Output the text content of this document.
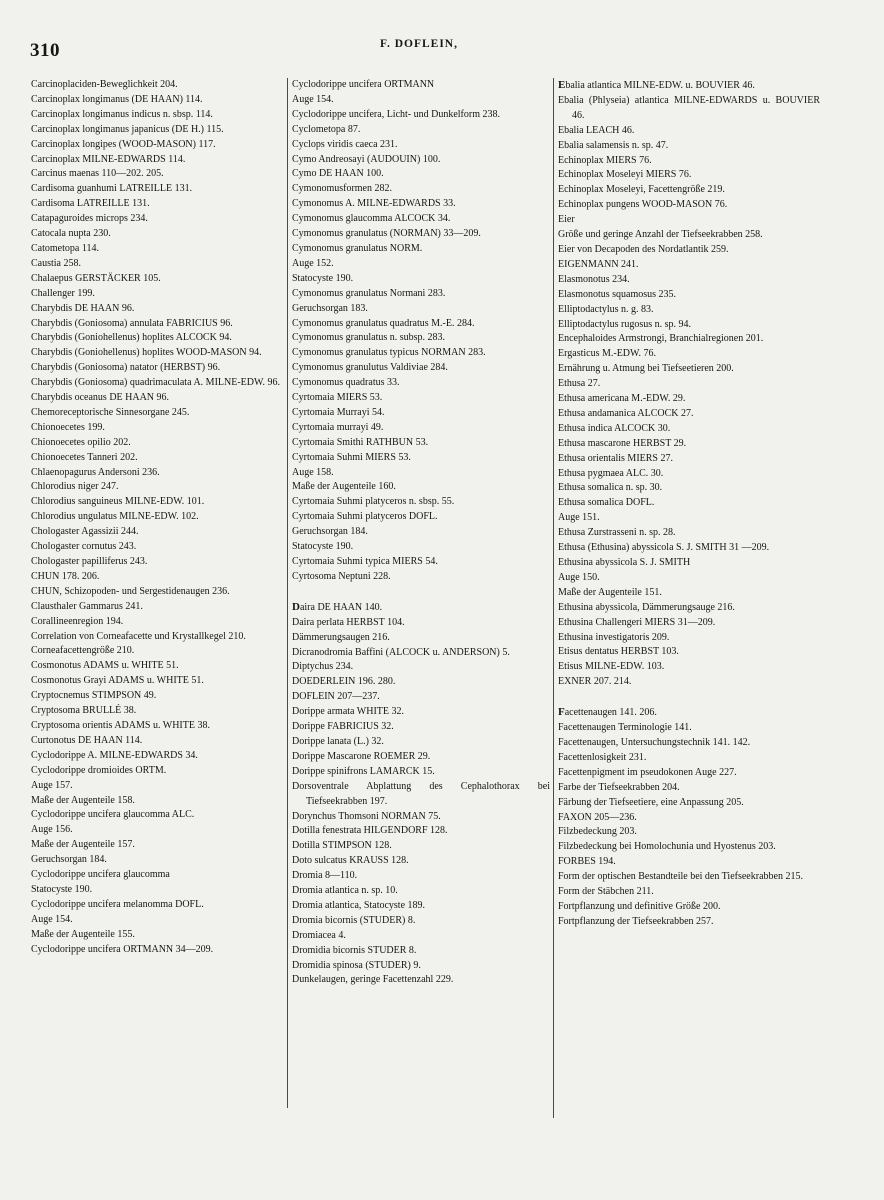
310	F. DOFLEIN,
Carcinoplaciden-Beweglichkeit 204.
Carcinoplax longimanus (DE HAAN) 114.
Carcinoplax longimanus indicus n. sbsp. 114.
Carcinoplax longimanus japanicus (DE H.) 115.
Carcinoplax longipes (WOOD-MASON) 117.
Carcinoplax MILNE-EDWARDS 114.
Carcinus maenas 110—202. 205.
Cardisoma guanhumi LATREILLE 131.
Cardisoma LATREILLE 131.
Catapaguroides microps 234.
Catocala nupta 230.
Catometopa 114.
Caustia 258.
Chalaepus GERSTÄCKER 105.
Challenger 199.
Charybdis DE HAAN 96.
Charybdis (Goniosoma) annulata FABRICIUS 96.
Charybdis (Goniohellenus) hoplites ALCOCK 94.
Charybdis (Goniohellenus) hoplites WOOD-MASON 94.
Charybdis (Goniosoma) natator (HERBST) 96.
Charybdis (Goniosoma) quadrimaculata A. MILNE-EDW. 96.
Charybdis oceanus DE HAAN 96.
Chemoreceptorische Sinnesorgane 245.
Chionoecetes 199.
Chionoecetes opilio 202.
Chionoecetes Tanneri 202.
Chlaenopagurus Andersoni 236.
Chlorodius niger 247.
Chlorodius sanguineus MILNE-EDW. 101.
Chlorodius ungulatus MILNE-EDW. 102.
Chologaster Agassizii 244.
Chologaster cornutus 243.
Chologaster papilliferus 243.
CHUN 178. 206.
CHUN, Schizopoden- und Sergestidenaugen 236.
Clausthaler Gammarus 241.
Corallineenregion 194.
Correlation von Corneafacette und Krystallkegel 210.
Corneafacettengröße 210.
Cosmonotus ADAMS u. WHITE 51.
Cosmonotus Grayi ADAMS u. WHITE 51.
Cryptocnemus STIMPSON 49.
Cryptosoma BRULLÉ 38.
Cryptosoma orientis ADAMS u. WHITE 38.
Curtonotus DE HAAN 114.
Cyclodorippe A. MILNE-EDWARDS 34.
Cyclodorippe dromioides ORTM.
Auge 157.
Maße der Augenteile 158.
Cyclodorippe uncifera glaucomma ALC.
Auge 156.
Maße der Augenteile 157.
Geruchsorgan 184.
Cyclodorippe uncifera glaucomma
Statocyste 190.
Cyclodorippe uncifera melanomma DOFL.
Auge 154.
Maße der Augenteile 155.
Cyclodorippe uncifera ORTMANN 34—209.
Cyclodorippe uncifera ORTMANN
Auge 154.
Cyclodorippe uncifera, Licht- und Dunkelform 238.
Cyclometopa 87.
Cyclops viridis caeca 231.
Cymo Andreosayi (AUDOUIN) 100.
Cymo DE HAAN 100.
Cymonomusformen 282.
Cymonomus A. MILNE-EDWARDS 33.
Cymonomus glaucomma ALCOCK 34.
Cymonomus granulatus (NORMAN) 33—209.
Cymonomus granulatus NORM.
Auge 152.
Statocyste 190.
Cymonomus granulatus Normani 283.
Geruchsorgan 183.
Cymonomus granulatus quadratus M.-E. 284.
Cymonomus granulatus n. subsp. 283.
Cymonomus granulatus typicus NORMAN 283.
Cymonomus granulutus Valdiviae 284.
Cymonomus quadratus 33.
Cyrtomaia MIERS 53.
Cyrtomaia Murrayi 54.
Cyrtomaia murrayi 49.
Cyrtomaia Smithi RATHBUN 53.
Cyrtomaia Suhmi MIERS 53.
Auge 158.
Maße der Augenteile 160.
Cyrtomaia Suhmi platyceros n. sbsp. 55.
Cyrtomaia Suhmi platyceros DOFL.
Geruchsorgan 184.
Statocyste 190.
Cyrtomaia Suhmi typica MIERS 54.
Cyrtosoma Neptuni 228.
Daira DE HAAN 140.
Daira perlata HERBST 104.
Dämmerungsaugen 216.
Dicranodromia Baffini (ALCOCK u. ANDERSON) 5.
Diptychus 234.
DOEDERLEIN 196. 280.
DOFLEIN 207—237.
Dorippe armata WHITE 32.
Dorippe FABRICIUS 32.
Dorippe lanata (L.) 32.
Dorippe Mascarone ROEMER 29.
Dorippe spinifrons LAMARCK 15.
Dorsoventrale Abplattung des Cephalothorax bei Tiefseekrabben 197.
Dorynchus Thomsoni NORMAN 75.
Dotilla fenestrata HILGENDORF 128.
Dotilla STIMPSON 128.
Doto sulcatus KRAUSS 128.
Dromia 8—110.
Dromia atlantica n. sp. 10.
Dromia atlantica, Statocyste 189.
Dromia bicornis (STUDER) 8.
Dromiacea 4.
Dromidia bicornis STUDER 8.
Dromidia spinosa (STUDER) 9.
Dunkelaugen, geringe Facettenzahl 229.
Ebalia atlantica MILNE-EDW. u. BOUVIER 46.
Ebalia (Phlyseia) atlantica MILNE-EDWARDS u. BOUVIER 46.
Ebalia LEACH 46.
Ebalia salamensis n. sp. 47.
Echinoplax MIERS 76.
Echinoplax Moseleyi MIERS 76.
Echinoplax Moseleyi, Facettengröße 219.
Echinoplax pungens WOOD-MASON 76.
Eier
Größe und geringe Anzahl der Tiefseekrabben 258.
Eier von Decapoden des Nordatlantik 259.
EIGENMANN 241.
Elasmonotus 234.
Elasmonotus squamosus 235.
Elliptodactylus n. g. 83.
Elliptodactylus rugosus n. sp. 94.
Encephaloides Armstrongi, Branchialregionen 201.
Ergasticus M.-EDW. 76.
Ernährung u. Atmung bei Tiefseetieren 200.
Ethusa 27.
Ethusa americana M.-EDW. 29.
Ethusa andamanica ALCOCK 27.
Ethusa indica ALCOCK 30.
Ethusa mascarone HERBST 29.
Ethusa orientalis MIERS 27.
Ethusa pygmaea ALC. 30.
Ethusa somalica n. sp. 30.
Ethusa somalica DOFL.
Auge 151.
Ethusa Zurstrasseni n. sp. 28.
Ethusa (Ethusina) abyssicola S. J. SMITH 31 —209.
Ethusina abyssicola S. J. SMITH
Auge 150.
Maße der Augenteile 151.
Ethusina abyssicola, Dämmerungsauge 216.
Ethusina Challengeri MIERS 31—209.
Ethusina investigatoris 209.
Etisus dentatus HERBST 103.
Etisus MILNE-EDW. 103.
EXNER 207. 214.
Facettenaugen 141. 206.
Facettenaugen Terminologie 141.
Facettenaugen, Untersuchungstechnik 141. 142.
Facettenlosigkeit 231.
Facettenpigment im pseudokonen Auge 227.
Farbe der Tiefseekrabben 204.
Färbung der Tiefseetiere, eine Anpassung 205.
FAXON 205—236.
Filzbedeckung 203.
Filzbedeckung bei Homolochunia und Hyostenus 203.
FORBES 194.
Form der optischen Bestandteile bei den Tiefseekrabben 215.
Form der Stäbchen 211.
Fortpflanzung und definitive Größe 200.
Fortpflanzung der Tiefseekrabben 257.
